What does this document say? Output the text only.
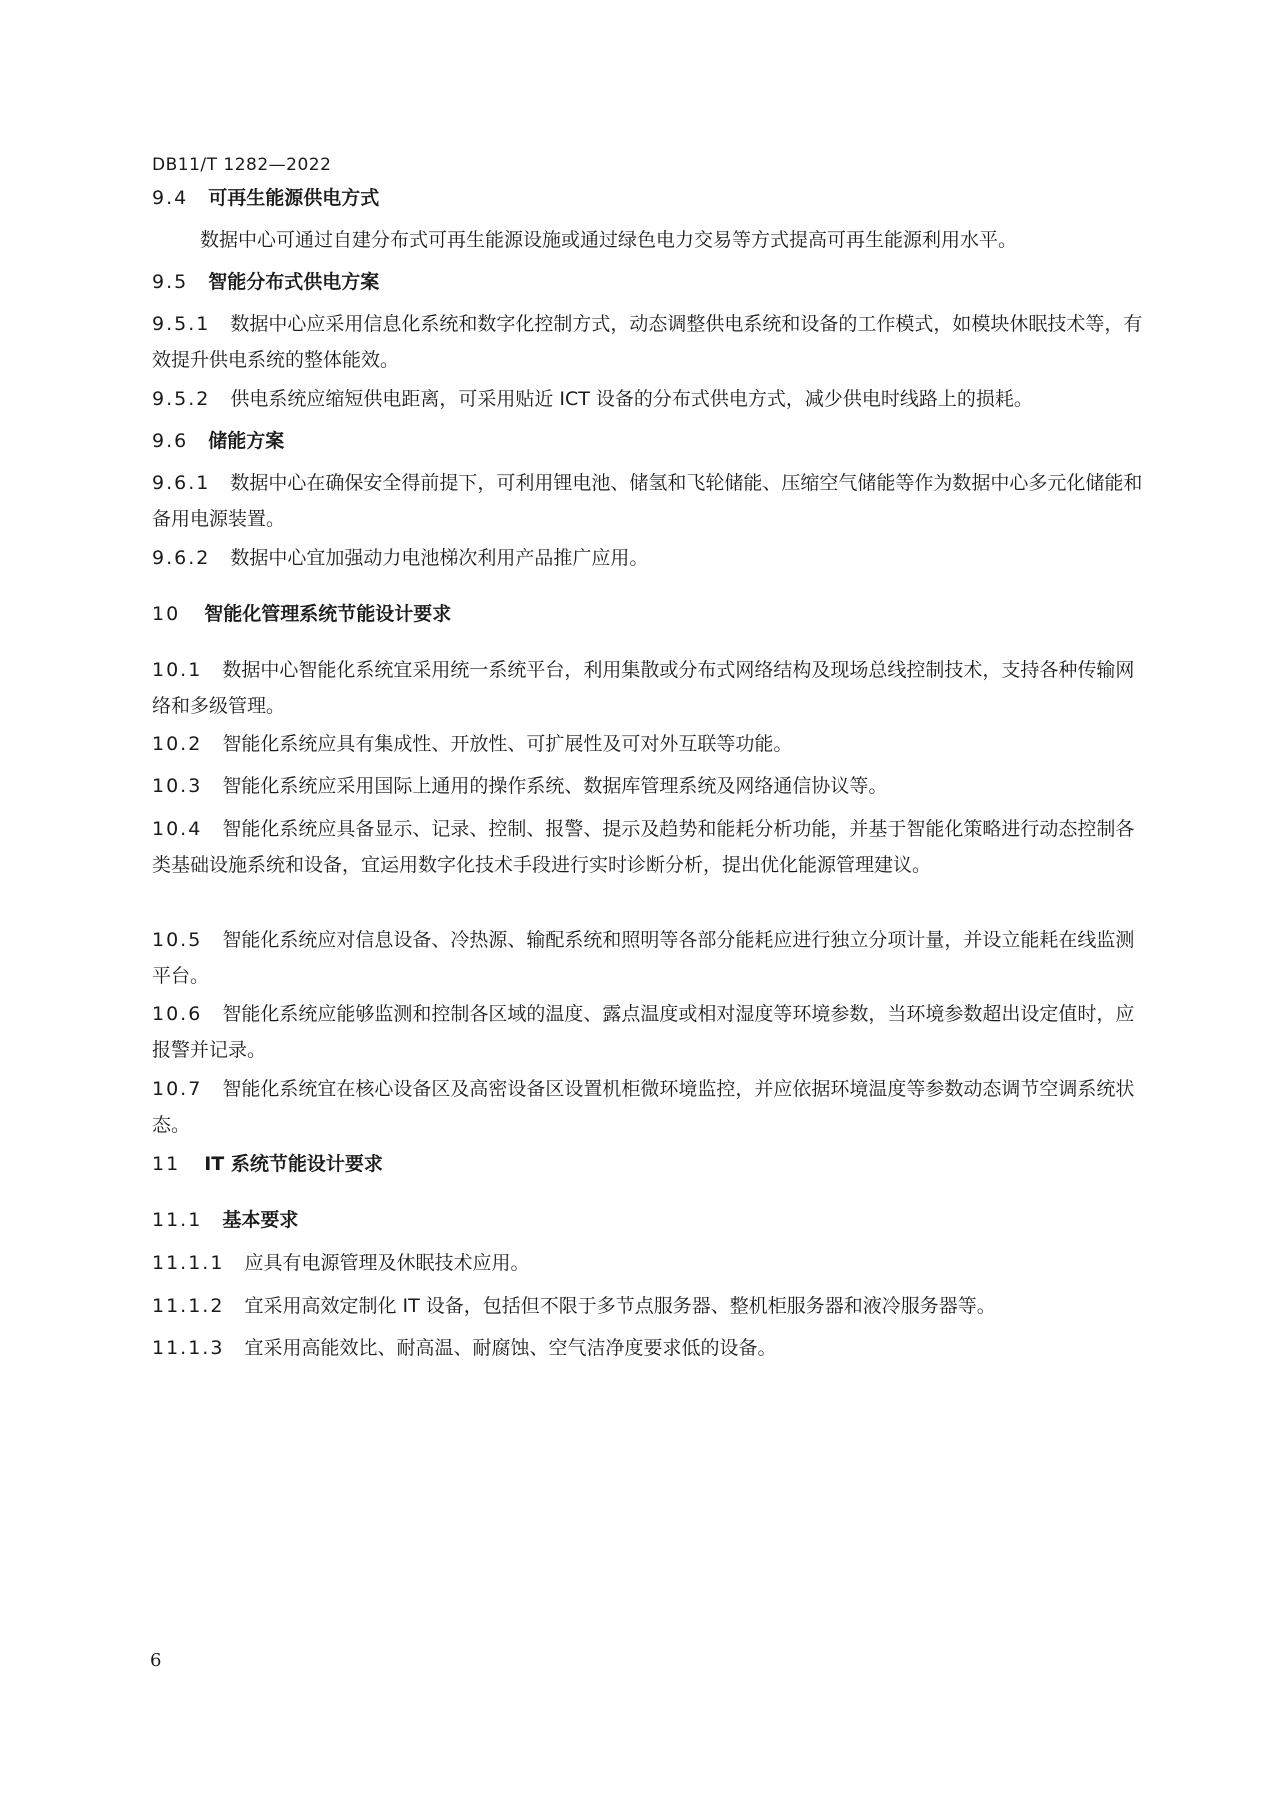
DB11/T 1282—2022

9.4 可再生能源供电方式

数据中心可通过自建分布式可再生能源设施或通过绿色电力交易等方式提高可再生能源利用水平。

9.5 智能分布式供电方案

9.5.1 数据中心应采用信息化系统和数字化控制方式，动态调整供电系统和设备的工作模式，如模块休眠技术等，有效提升供电系统的整体能效。

9.5.2 供电系统应缩短供电距离，可采用贴近 ICT 设备的分布式供电方式，减少供电时线路上的损耗。

9.6 储能方案

9.6.1 数据中心在确保安全得前提下，可利用锂电池、储氢和飞轮储能、压缩空气储能等作为数据中心多元化储能和备用电源装置。

9.6.2 数据中心宜加强动力电池梯次利用产品推广应用。

10 智能化管理系统节能设计要求

10.1 数据中心智能化系统宜采用统一系统平台，利用集散或分布式网络结构及现场总线控制技术，支持各种传输网络和多级管理。

10.2 智能化系统应具有集成性、开放性、可扩展性及可对外互联等功能。

10.3 智能化系统应采用国际上通用的操作系统、数据库管理系统及网络通信协议等。

10.4 智能化系统应具备显示、记录、控制、报警、提示及趋势和能耗分析功能，并基于智能化策略进行动态控制各类基础设施系统和设备，宜运用数字化技术手段进行实时诊断分析，提出优化能源管理建议。

10.5 智能化系统应对信息设备、冷热源、输配系统和照明等各部分能耗应进行独立分项计量，并设立能耗在线监测平台。

10.6 智能化系统应能够监测和控制各区域的温度、露点温度或相对湿度等环境参数，当环境参数超出设定值时，应报警并记录。

10.7 智能化系统宜在核心设备区及高密设备区设置机柜微环境监控，并应依据环境温度等参数动态调节空调系统状态。

11 IT 系统节能设计要求

11.1 基本要求

11.1.1 应具有电源管理及休眠技术应用。

11.1.2 宜采用高效定制化 IT 设备，包括但不限于多节点服务器、整机柜服务器和液冷服务器等。

11.1.3 宜采用高能效比、耐高温、耐腐蚀、空气洁净度要求低的设备。

6
